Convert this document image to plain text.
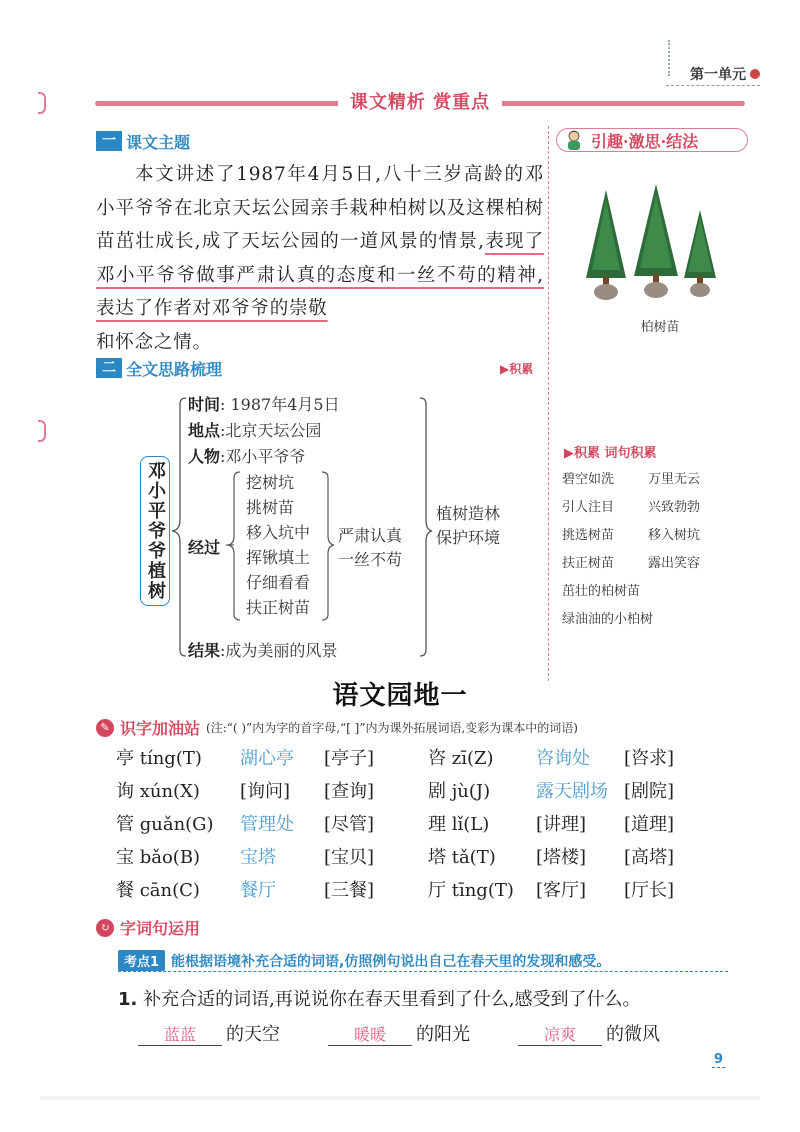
第一单元
课文精析 赏重点
一 课文主题
本文讲述了1987年4月5日,八十三岁高龄的邓小平爷爷在北京天坛公园亲手栽种柏树以及这棵柏树苗茁壮成长,成了天坛公园的一道风景的情景,表现了邓小平爷爷做事严肃认真的态度和一丝不苟的精神,表达了作者对邓爷爷的崇敬
和怀念之情。
二 全文思路梳理	▶积累
邓小平爷爷植树
时间: 1987年4月5日
地点:北京天坛公园
人物:邓小平爷爷
经过
挖树坑
挑树苗
移入坑中
挥锹填土
仔细看看
扶正树苗
严肃认真
一丝不苟
植树造林
保护环境
结果:成为美丽的风景
引趣·激思·结法
柏树苗
▶积累 词句积累
碧空如洗	万里无云
引人注目	兴致勃勃
挑选树苗	移入树坑
扶正树苗	露出笑容
茁壮的柏树苗
绿油油的小柏树
语文园地一
✎ 识字加油站 (注:“( )”内为字的首字母,“[ ]”内为课外拓展词语,变彩为课本中的词语)
亭 tíng(T) 湖心亭 [亭子]	咨 zī(Z) 咨询处 [咨求]
询 xún(X) [询问] [查询]	剧 jù(J)	露天剧场 [剧院]
管 guǎn(G) 管理处 [尽管]	理 lǐ(L)	[讲理] [道理]
宝 bǎo(B) 宝塔	[宝贝]	塔 tǎ(T) [塔楼] [高塔]
餐 cān(C) 餐厅	[三餐]	厅 tīng(T) [客厅] [厅长]
↻ 字词句运用
考点1 能根据语境补充合适的词语,仿照例句说出自己在春天里的发现和感受。
1. 补充合适的词语,再说说你在春天里看到了什么,感受到了什么。
蓝蓝	的天空	暖暖	的阳光	凉爽	的微风
9
